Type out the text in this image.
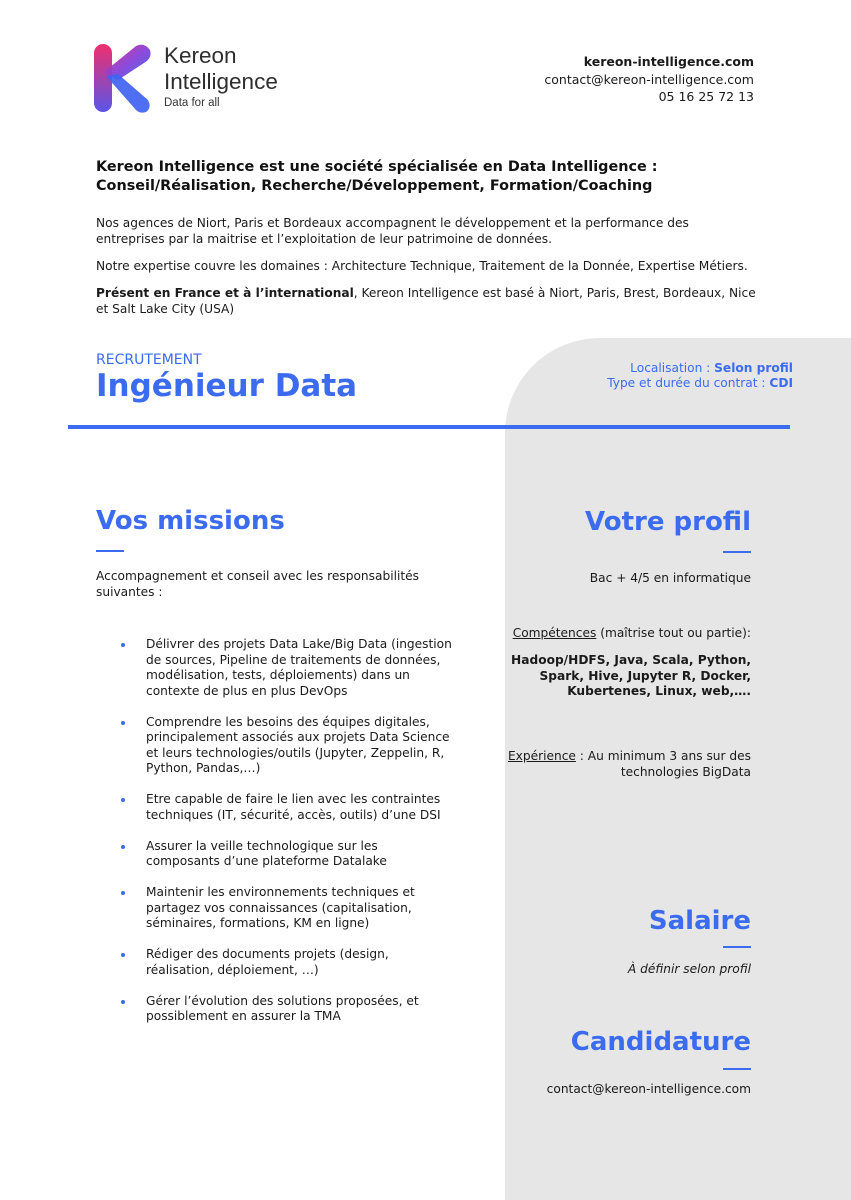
Kereon
Intelligence
Data for all
kereon-intelligence.com
contact@kereon-intelligence.com
05 16 25 72 13
Kereon Intelligence est une société spécialisée en Data Intelligence :
Conseil/Réalisation, Recherche/Développement, Formation/Coaching
Nos agences de Niort, Paris et Bordeaux accompagnent le développement et la performance des entreprises par la maitrise et l’exploitation de leur patrimoine de données.
Notre expertise couvre les domaines : Architecture Technique, Traitement de la Donnée, Expertise Métiers.
Présent en France et à l’international, Kereon Intelligence est basé à Niort, Paris, Brest, Bordeaux, Nice et Salt Lake City (USA)
RECRUTEMENT
Ingénieur Data	Localisation : Selon profil
Type et durée du contrat : CDI
Vos missions
Accompagnement et conseil avec les responsabilités suivantes :
Délivrer des projets Data Lake/Big Data (ingestion de sources, Pipeline de traitements de données, modélisation, tests, déploiements) dans un contexte de plus en plus DevOps
Comprendre les besoins des équipes digitales, principalement associés aux projets Data Science et leurs technologies/outils (Jupyter, Zeppelin, R, Python, Pandas,…)
Etre capable de faire le lien avec les contraintes techniques (IT, sécurité, accès, outils) d’une DSI
Assurer la veille technologique sur les composants d’une plateforme Datalake
Maintenir les environnements techniques et partagez vos connaissances (capitalisation, séminaires, formations, KM en ligne)
Rédiger des documents projets (design, réalisation, déploiement, …)
Gérer l’évolution des solutions proposées, et possiblement en assurer la TMA
Votre profil
Bac + 4/5 en informatique
Compétences (maîtrise tout ou partie):
Hadoop/HDFS, Java, Scala, Python, Spark, Hive, Jupyter R, Docker, Kubertenes, Linux, web,….
Expérience : Au minimum 3 ans sur des technologies BigData
Salaire
À définir selon profil
Candidature
contact@kereon-intelligence.com
